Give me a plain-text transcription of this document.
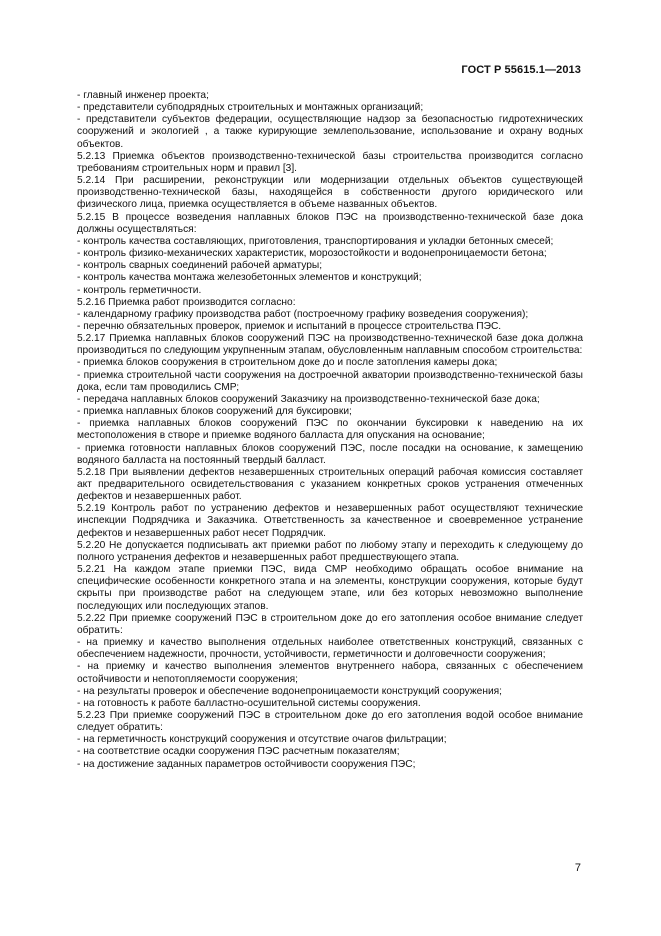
ГОСТ Р 55615.1—2013

- главный инженер проекта;

- представители субподрядных строительных и монтажных организаций;

- представители субъектов федерации, осуществляющие надзор за безопасностью гидротехнических сооружений и экологией , а также курирующие землепользование, использование и охрану водных объектов.

5.2.13 Приемка объектов производственно-технической базы строительства производится согласно требованиям строительных норм и правил [3].

5.2.14 При расширении, реконструкции или модернизации отдельных объектов существующей производственно-технической базы, находящейся в собственности другого юридического или физического лица, приемка осуществляется в объеме названных объектов.

5.2.15 В процессе возведения наплавных блоков ПЭС на производственно-технической базе дока должны осуществляться:

- контроль качества составляющих, приготовления, транспортирования и укладки бетонных смесей;

- контроль физико-механических характеристик, морозостойкости и водонепроницаемости бетона;

- контроль сварных соединений рабочей арматуры;

- контроль качества монтажа железобетонных элементов и конструкций;

- контроль герметичности.

5.2.16 Приемка работ производится согласно:

- календарному графику производства работ (построечному графику возведения сооружения);

- перечню обязательных проверок, приемок и испытаний в процессе строительства ПЭС.

5.2.17 Приемка наплавных блоков сооружений ПЭС на производственно-технической базе дока должна производиться по следующим укрупненным этапам, обусловленным наплавным способом строительства:

- приемка блоков сооружения в строительном доке до и после затопления камеры дока;

- приемка строительной части сооружения на достроечной акватории производственно-технической базы дока, если там проводились СМР;

- передача наплавных блоков сооружений Заказчику на производственно-технической базе дока;

- приемка наплавных блоков сооружений для буксировки;

- приемка наплавных блоков сооружений ПЭС по окончании буксировки к наведению на их местоположения в створе и приемке водяного балласта для опускания на основание;

- приемка готовности наплавных блоков сооружений ПЭС, после посадки на основание, к замещению водяного балласта на постоянный твердый балласт.

5.2.18 При выявлении дефектов незавершенных строительных операций рабочая комиссия составляет акт предварительного освидетельствования с указанием конкретных сроков устранения отмеченных дефектов и незавершенных работ.

5.2.19 Контроль работ по устранению дефектов и незавершенных работ осуществляют технические инспекции Подрядчика и Заказчика. Ответственность за качественное и своевременное устранение дефектов и незавершенных работ несет Подрядчик.

5.2.20 Не допускается подписывать акт приемки работ по любому этапу и переходить к следующему до полного устранения дефектов и незавершенных работ предшествующего этапа.

5.2.21 На каждом этапе приемки ПЭС, вида СМР необходимо обращать особое внимание на специфические особенности конкретного этапа и на элементы, конструкции сооружения, которые будут скрыты при производстве работ на следующем этапе, или без которых невозможно выполнение последующих или последующих этапов.

5.2.22 При приемке сооружений ПЭС в строительном доке до его затопления особое внимание следует обратить:

- на приемку и качество выполнения отдельных наиболее ответственных конструкций, связанных с обеспечением надежности, прочности, устойчивости, герметичности и долговечности сооружения;

- на приемку и качество выполнения элементов внутреннего набора, связанных с обеспечением остойчивости и непотопляемости сооружения;

- на результаты проверок и обеспечение водонепроницаемости конструкций сооружения;

- на готовность к работе балластно-осушительной системы сооружения.

5.2.23 При приемке сооружений ПЭС в строительном доке до его затопления водой особое внимание следует обратить:

- на герметичность конструкций сооружения и отсутствие очагов фильтрации;

- на соответствие осадки сооружения ПЭС расчетным показателям;

- на достижение заданных параметров остойчивости сооружения ПЭС;

7
